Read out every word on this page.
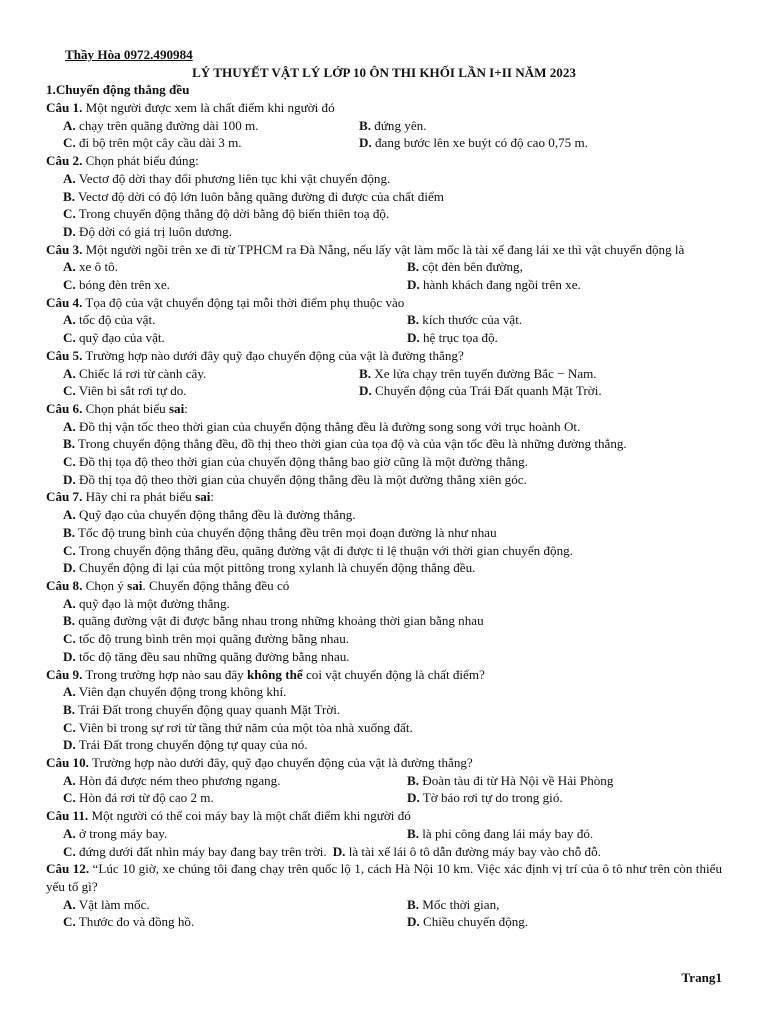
Thầy Hòa 0972.490984
LÝ THUYẾT VẬT LÝ LỚP 10 ÔN THI KHỐI LẦN I+II NĂM 2023
1.Chuyển động thẳng đều
Câu 1. Một người được xem là chất điểm khi người đó
A. chạy trên quãng đường dài 100 m.	B. đứng yên.
C. đi bộ trên một cây cầu dài 3 m.	D. đang bước lên xe buýt có độ cao 0,75 m.
Câu 2. Chọn phát biểu đúng:
A. Vectơ độ dời thay đổi phương liên tục khi vật chuyển động.
B. Vectơ độ dời có độ lớn luôn bằng quãng đường đi được của chất điểm
C. Trong chuyển động thẳng độ dời bằng độ biến thiên toạ độ.
D. Độ dời có giá trị luôn dương.
Câu 3. Một người ngồi trên xe đi từ TPHCM ra Đà Nẵng, nếu lấy vật làm mốc là tài xế đang lái xe thì vật chuyển động là
A. xe ô tô.	B. cột đèn bên đường,
C. bóng đèn trên xe.	D. hành khách đang ngồi trên xe.
Câu 4. Tọa độ của vật chuyển động tại mỗi thời điểm phụ thuộc vào
A. tốc độ của vật.	B. kích thước của vật.
C. quỹ đạo của vật.	D. hệ trục tọa độ.
Câu 5. Trường hợp nào dưới đây quỹ đạo chuyển động của vật là đường thẳng?
A. Chiếc lá rơi từ cành cây.	B. Xe lửa chạy trên tuyến đường Bắc − Nam.
C. Viên bi sắt rơi tự do.	D. Chuyển động của Trái Đất quanh Mặt Trời.
Câu 6. Chọn phát biểu sai:
A. Đồ thị vận tốc theo thời gian của chuyển động thẳng đều là đường song song với trục hoành Ot.
B. Trong chuyển động thẳng đều, đồ thị theo thời gian của tọa độ và của vận tốc đều là những đường thẳng.
C. Đồ thị tọa độ theo thời gian của chuyển động thẳng bao giờ cũng là một đường thẳng.
D. Đồ thị tọa độ theo thời gian của chuyển động thẳng đều là một đường thẳng xiên góc.
Câu 7. Hãy chỉ ra phát biểu sai:
A. Quỹ đạo của chuyển động thẳng đều là đường thẳng.
B. Tốc độ trung bình của chuyển động thẳng đều trên mọi đoạn đường là như nhau
C. Trong chuyển động thẳng đều, quãng đường vật đi được tỉ lệ thuận với thời gian chuyển động.
D. Chuyển động đi lại của một pittông trong xylanh là chuyển động thẳng đều.
Câu 8. Chọn ý sai. Chuyển động thẳng đều có
A. quỹ đạo là một đường thẳng.
B. quãng đường vật đi được bằng nhau trong những khoảng thời gian bằng nhau
C. tốc độ trung bình trên mọi quãng đường bằng nhau.
D. tốc độ tăng đều sau những quãng đường bằng nhau.
Câu 9. Trong trường hợp nào sau đây không thể coi vật chuyển động là chất điểm?
A. Viên đạn chuyển động trong không khí.
B. Trái Đất trong chuyển động quay quanh Mặt Trời.
C. Viên bi trong sự rơi từ tầng thứ năm của một tòa nhà xuống đất.
D. Trái Đất trong chuyển động tự quay của nó.
Câu 10. Trường hợp nào dưới đây, quỹ đạo chuyển động của vật là đường thẳng?
A. Hòn đá được ném theo phương ngang.	B. Đoàn tàu đi từ Hà Nội về Hải Phòng
C. Hòn đá rơi từ độ cao 2 m.	D. Tờ báo rơi tự do trong gió.
Câu 11. Một người có thể coi máy bay là một chất điểm khi người đó
A. ở trong máy bay.	B. là phi công đang lái máy bay đó.
C. đứng dưới đất nhìn máy bay đang bay trên trời. D. là tài xế lái ô tô dẫn đường máy bay vào chỗ đỗ.
Câu 12. “Lúc 10 giờ, xe chúng tôi đang chạy trên quốc lộ 1, cách Hà Nội 10 km. Việc xác định vị trí của ô tô như trên còn thiếu yếu tố gì?
A. Vật làm mốc.	B. Mốc thời gian,
C. Thước đo và đồng hồ.	D. Chiều chuyển động.
Trang1
